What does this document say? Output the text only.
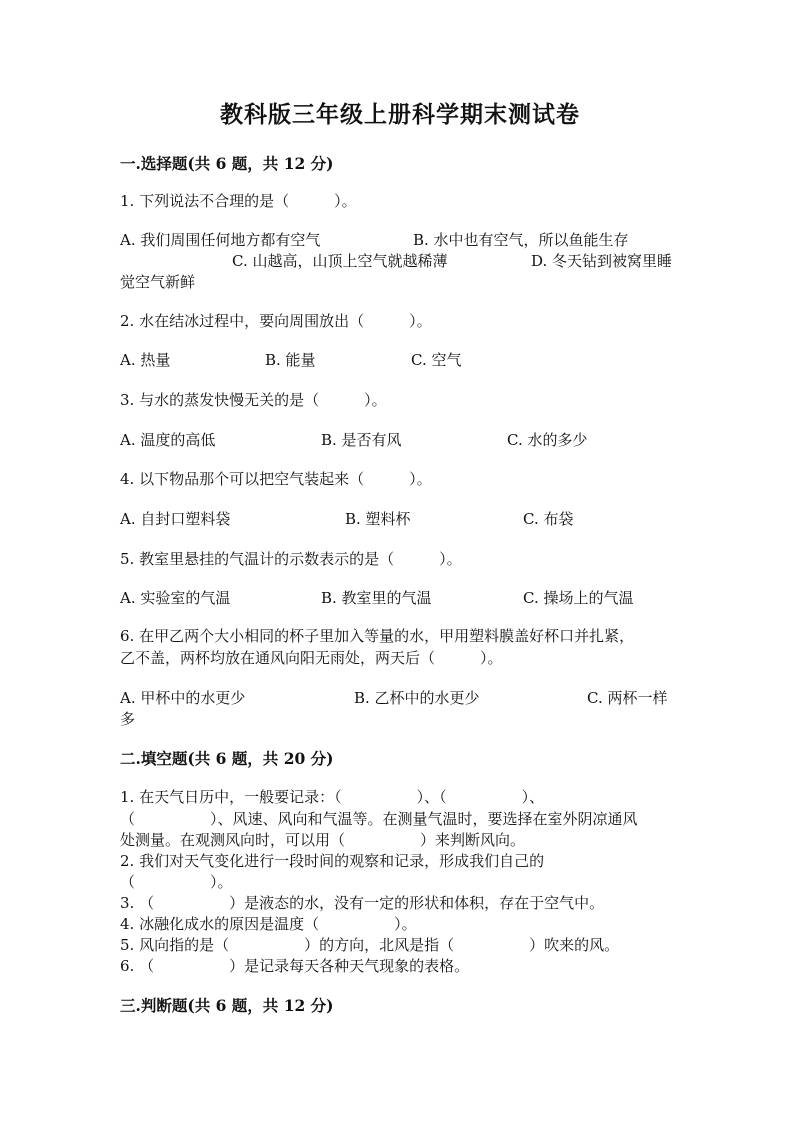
教科版三年级上册科学期末测试卷
一.选择题(共 6 题，共 12 分)
1. 下列说法不合理的是（　　　）。
A. 我们周围任何地方都有空气	B. 水中也有空气，所以鱼能生存
C. 山越高，山顶上空气就越稀薄	D. 冬天钻到被窝里睡
觉空气新鲜
2. 水在结冰过程中，要向周围放出（　　　）。
A. 热量	B. 能量	C. 空气
3. 与水的蒸发快慢无关的是（　　　）。
A. 温度的高低	B. 是否有风	C. 水的多少
4. 以下物品那个可以把空气装起来（　　　）。
A. 自封口塑料袋	B. 塑料杯	C. 布袋
5. 教室里悬挂的气温计的示数表示的是（　　　）。
A. 实验室的气温	B. 教室里的气温	C. 操场上的气温
6. 在甲乙两个大小相同的杯子里加入等量的水，甲用塑料膜盖好杯口并扎紧，
乙不盖，两杯均放在通风向阳无雨处，两天后（　　　）。
A. 甲杯中的水更少	B. 乙杯中的水更少	C. 两杯一样
多
二.填空题(共 6 题，共 20 分)
1. 在天气日历中，一般要记录：（　　　　　）、（　　　　　）、
（　　　　　）、风速、风向和气温等。在测量气温时，要选择在室外阴凉通风
处测量。在观测风向时，可以用（　　　　　）来判断风向。
2. 我们对天气变化进行一段时间的观察和记录，形成我们自己的
（　　　　　）。
3. （　　　　　）是液态的水，没有一定的形状和体积，存在于空气中。
4. 冰融化成水的原因是温度（　　　　　）。
5. 风向指的是（　　　　　）的方向，北风是指（　　　　　）吹来的风。
6. （　　　　　）是记录每天各种天气现象的表格。
三.判断题(共 6 题，共 12 分)
